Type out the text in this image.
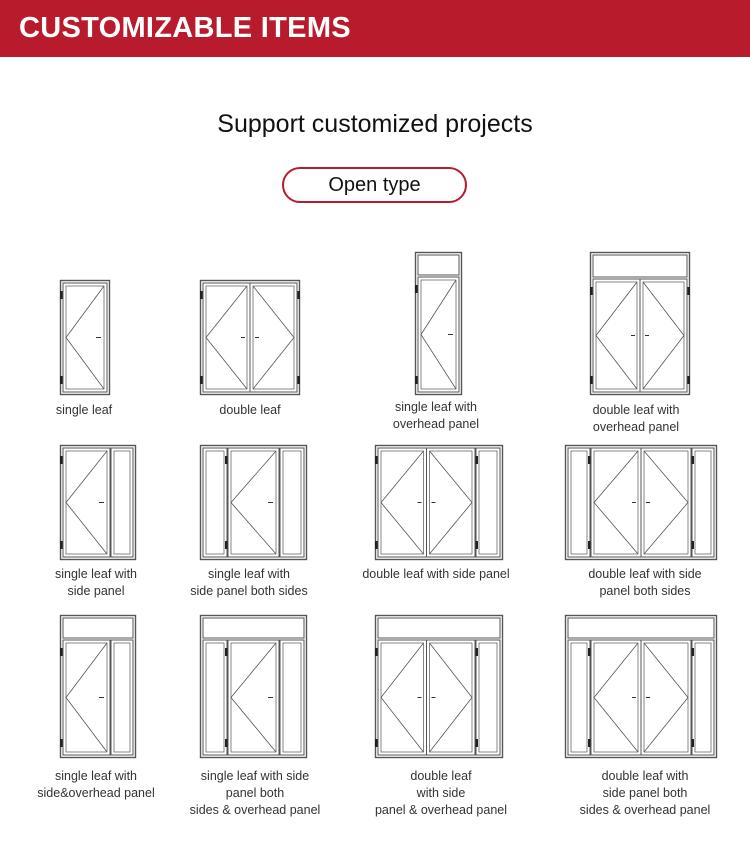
CUSTOMIZABLE ITEMS
Support customized projects
Open type
single leaf	double leaf	single leaf with
overhead panel
double leaf with
overhead panel
single leaf with
side panel
single leaf with
side panel both sides
double leaf with side panel	double leaf with side
panel both sides
single leaf with
side&overhead panel
single leaf with side
panel both
sides & overhead panel
double leaf
with side
panel & overhead panel
double leaf with
side panel both
sides & overhead panel
